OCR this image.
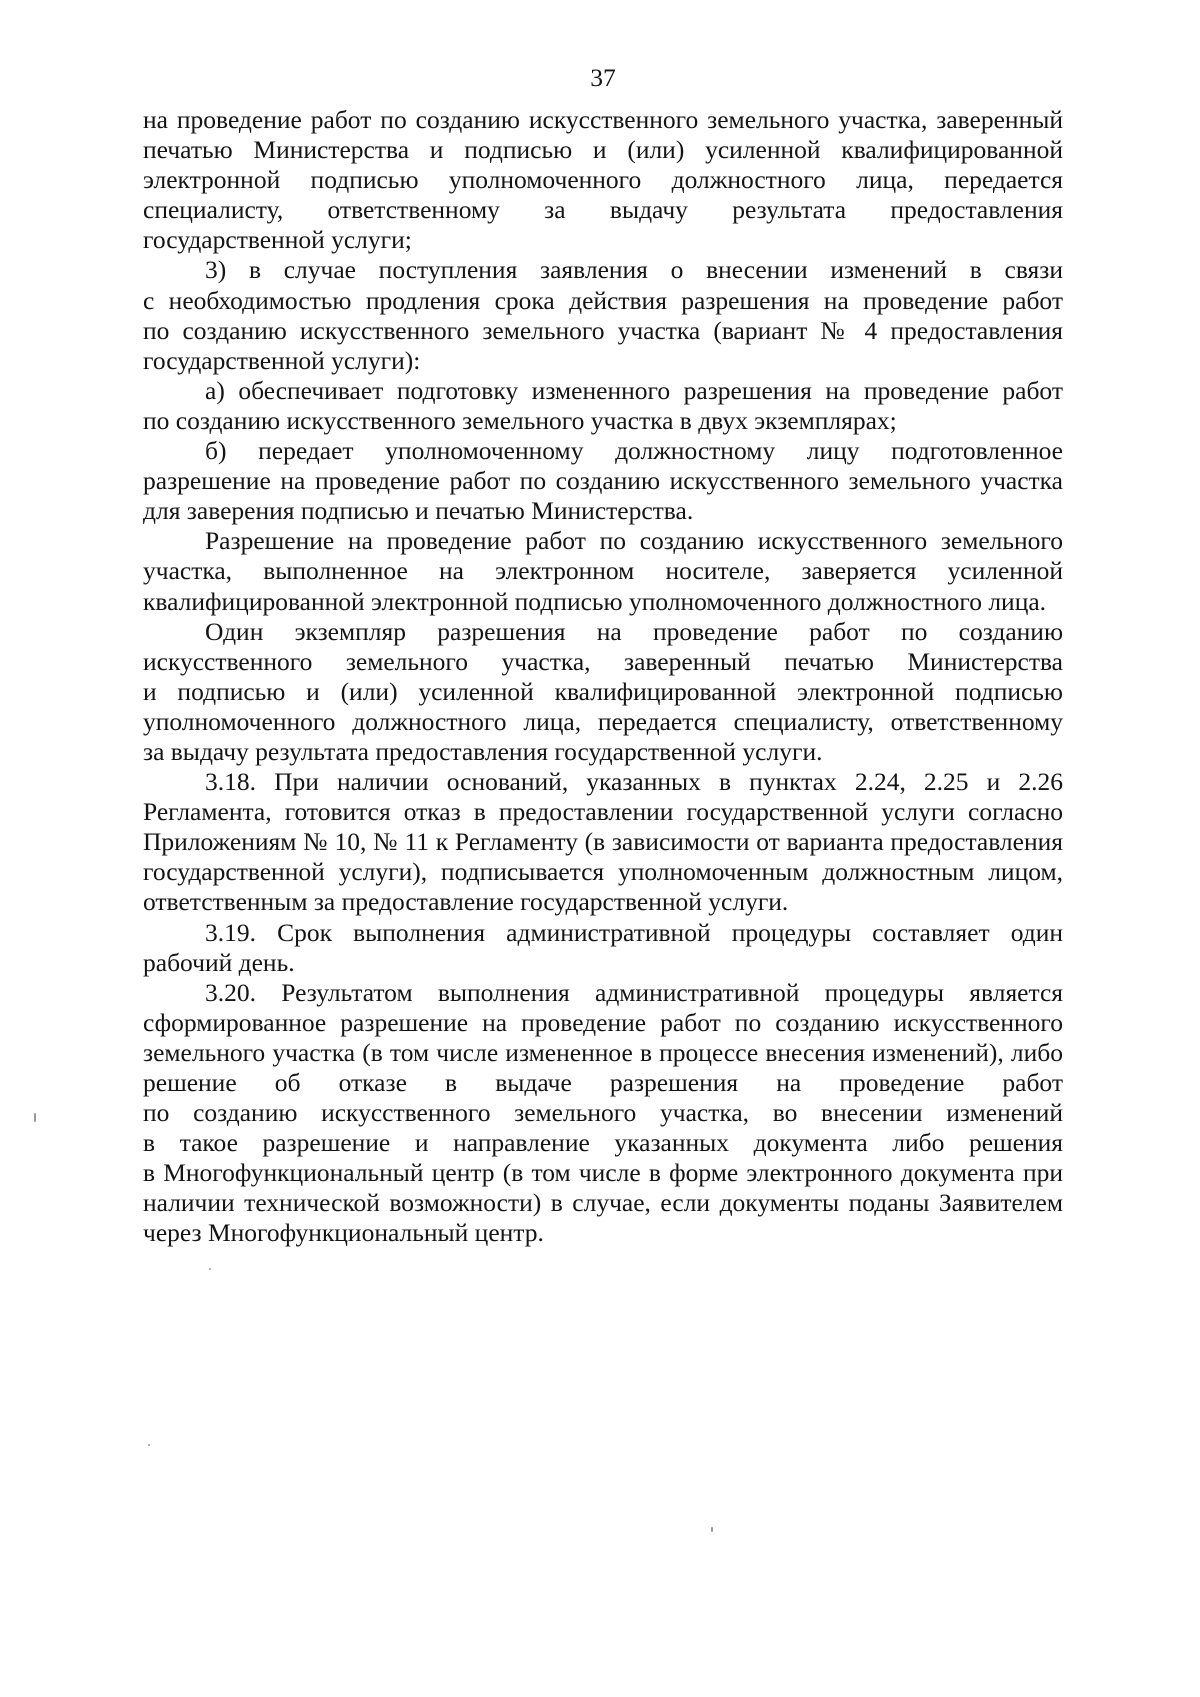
37
на проведение работ по созданию искусственного земельного участка, заверенный
печатью Министерства и подписью и (или) усиленной квалифицированной
электронной подписью уполномоченного должностного лица, передается
специалисту, ответственному за выдачу результата предоставления
государственной услуги;
3) в случае поступления заявления о внесении изменений в связи
с необходимостью продления срока действия разрешения на проведение работ
по созданию искусственного земельного участка (вариант № 4 предоставления
государственной услуги):
а) обеспечивает подготовку измененного разрешения на проведение работ
по созданию искусственного земельного участка в двух экземплярах;
б) передает уполномоченному должностному лицу подготовленное
разрешение на проведение работ по созданию искусственного земельного участка
для заверения подписью и печатью Министерства.
Разрешение на проведение работ по созданию искусственного земельного
участка, выполненное на электронном носителе, заверяется усиленной
квалифицированной электронной подписью уполномоченного должностного лица.
Один экземпляр разрешения на проведение работ по созданию
искусственного земельного участка, заверенный печатью Министерства
и подписью и (или) усиленной квалифицированной электронной подписью
уполномоченного должностного лица, передается специалисту, ответственному
за выдачу результата предоставления государственной услуги.
3.18. При наличии оснований, указанных в пунктах 2.24, 2.25 и 2.26
Регламента, готовится отказ в предоставлении государственной услуги согласно
Приложениям № 10, № 11 к Регламенту (в зависимости от варианта предоставления
государственной услуги), подписывается уполномоченным должностным лицом,
ответственным за предоставление государственной услуги.
3.19. Срок выполнения административной процедуры составляет один
рабочий день.
3.20. Результатом выполнения административной процедуры является
сформированное разрешение на проведение работ по созданию искусственного
земельного участка (в том числе измененное в процессе внесения изменений), либо
решение об отказе в выдаче разрешения на проведение работ
по созданию искусственного земельного участка, во внесении изменений
в такое разрешение и направление указанных документа либо решения
в Многофункциональный центр (в том числе в форме электронного документа при
наличии технической возможности) в случае, если документы поданы Заявителем
через Многофункциональный центр.
